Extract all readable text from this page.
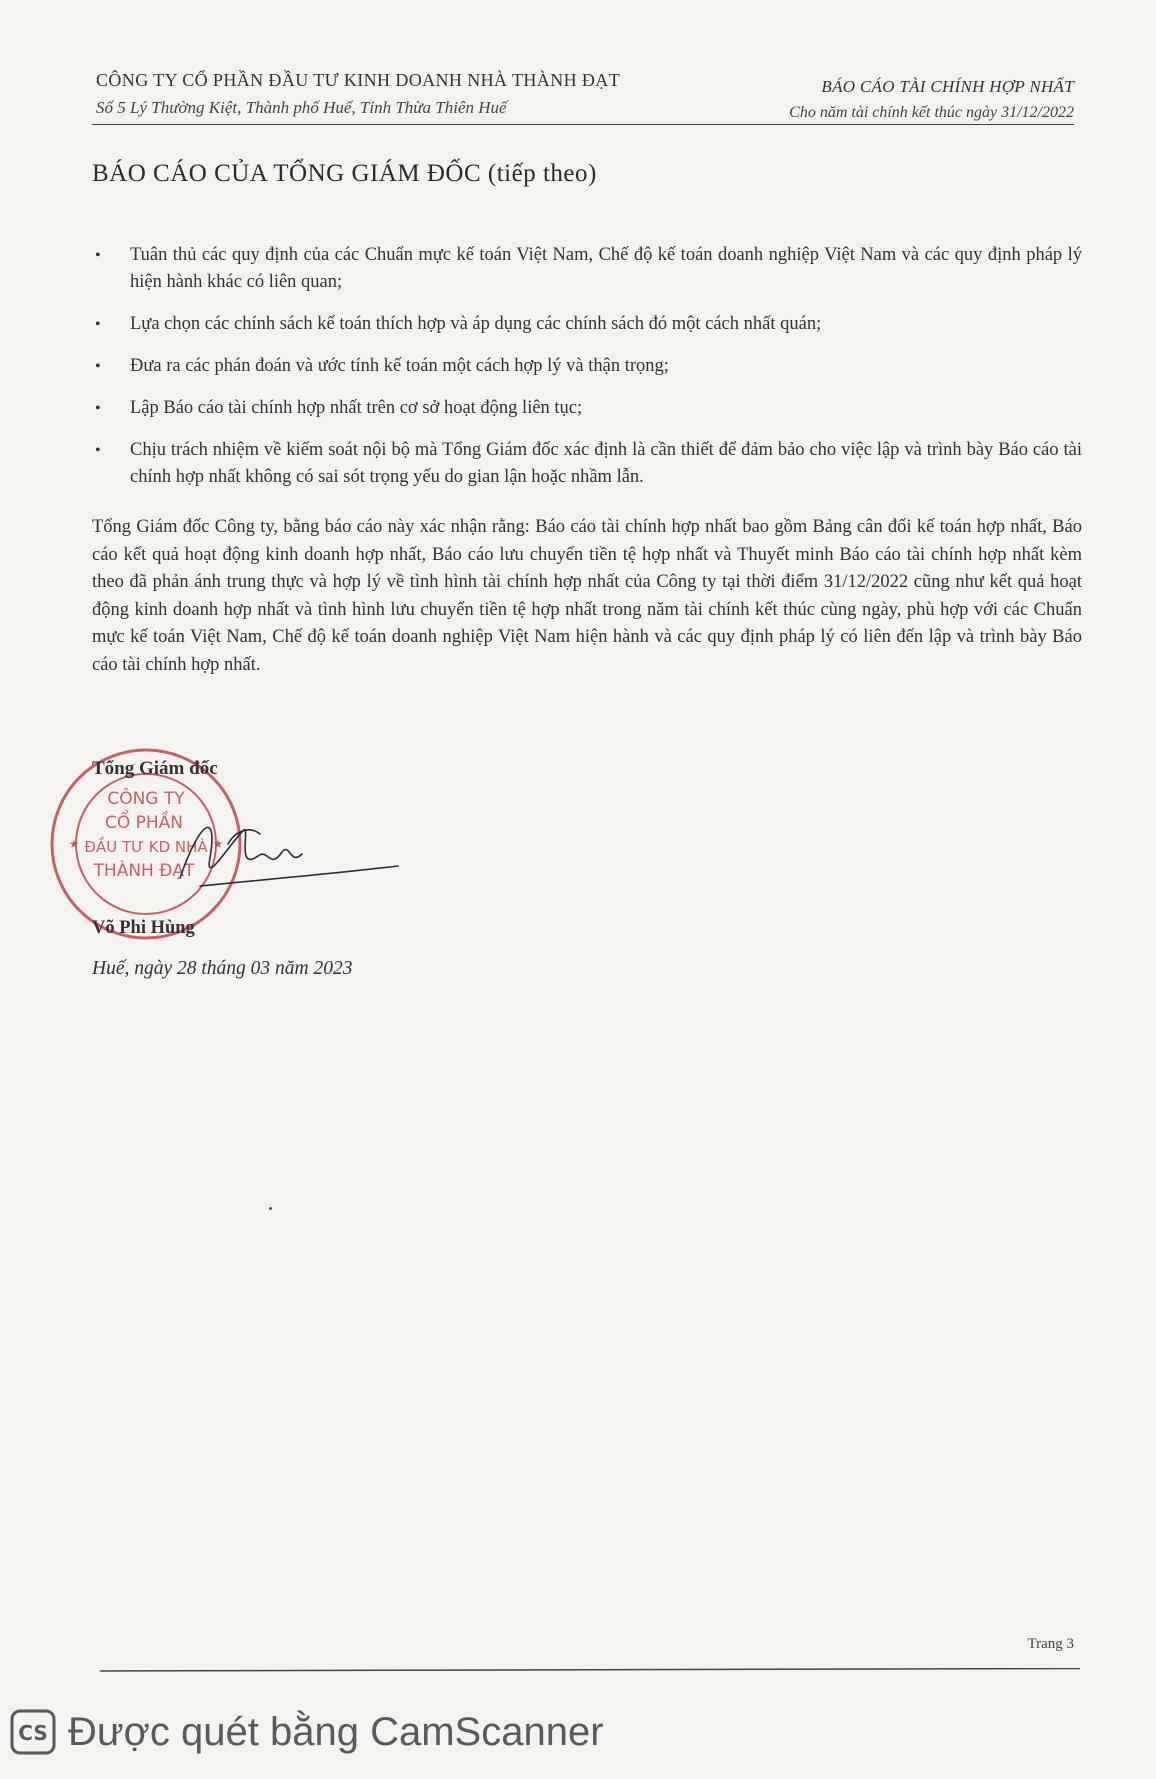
CÔNG TY CỔ PHẦN ĐẦU TƯ KINH DOANH NHÀ THÀNH ĐẠT
Số 5 Lý Thường Kiệt, Thành phố Huế, Tỉnh Thừa Thiên Huế
BÁO CÁO TÀI CHÍNH HỢP NHẤT
Cho năm tài chính kết thúc ngày 31/12/2022
BÁO CÁO CỦA TỔNG GIÁM ĐỐC (tiếp theo)
• Tuân thủ các quy định của các Chuẩn mực kế toán Việt Nam, Chế độ kế toán doanh nghiệp Việt Nam và các quy định pháp lý hiện hành khác có liên quan;
• Lựa chọn các chính sách kế toán thích hợp và áp dụng các chính sách đó một cách nhất quán;
• Đưa ra các phán đoán và ước tính kế toán một cách hợp lý và thận trọng;
• Lập Báo cáo tài chính hợp nhất trên cơ sở hoạt động liên tục;
• Chịu trách nhiệm về kiểm soát nội bộ mà Tổng Giám đốc xác định là cần thiết để đảm bảo cho việc lập và trình bày Báo cáo tài chính hợp nhất không có sai sót trọng yếu do gian lận hoặc nhầm lẫn.
Tổng Giám đốc Công ty, bằng báo cáo này xác nhận rằng: Báo cáo tài chính hợp nhất bao gồm Bảng cân đối kế toán hợp nhất, Báo cáo kết quả hoạt động kinh doanh hợp nhất, Báo cáo lưu chuyển tiền tệ hợp nhất và Thuyết minh Báo cáo tài chính hợp nhất kèm theo đã phản ánh trung thực và hợp lý về tình hình tài chính hợp nhất của Công ty tại thời điểm 31/12/2022 cũng như kết quả hoạt động kinh doanh hợp nhất và tình hình lưu chuyển tiền tệ hợp nhất trong năm tài chính kết thúc cùng ngày, phù hợp với các Chuẩn mực kế toán Việt Nam, Chế độ kế toán doanh nghiệp Việt Nam hiện hành và các quy định pháp lý có liên đến lập và trình bày Báo cáo tài chính hợp nhất.
CÔNG TY
CỔ PHẦN
ĐẦU TƯ KD NHÀ
THÀNH ĐẠT
★	★
Tổng Giám đốc
Võ Phi Hùng
Huế, ngày 28 tháng 03 năm 2023
Trang 3
CS Được quét bằng CamScanner
